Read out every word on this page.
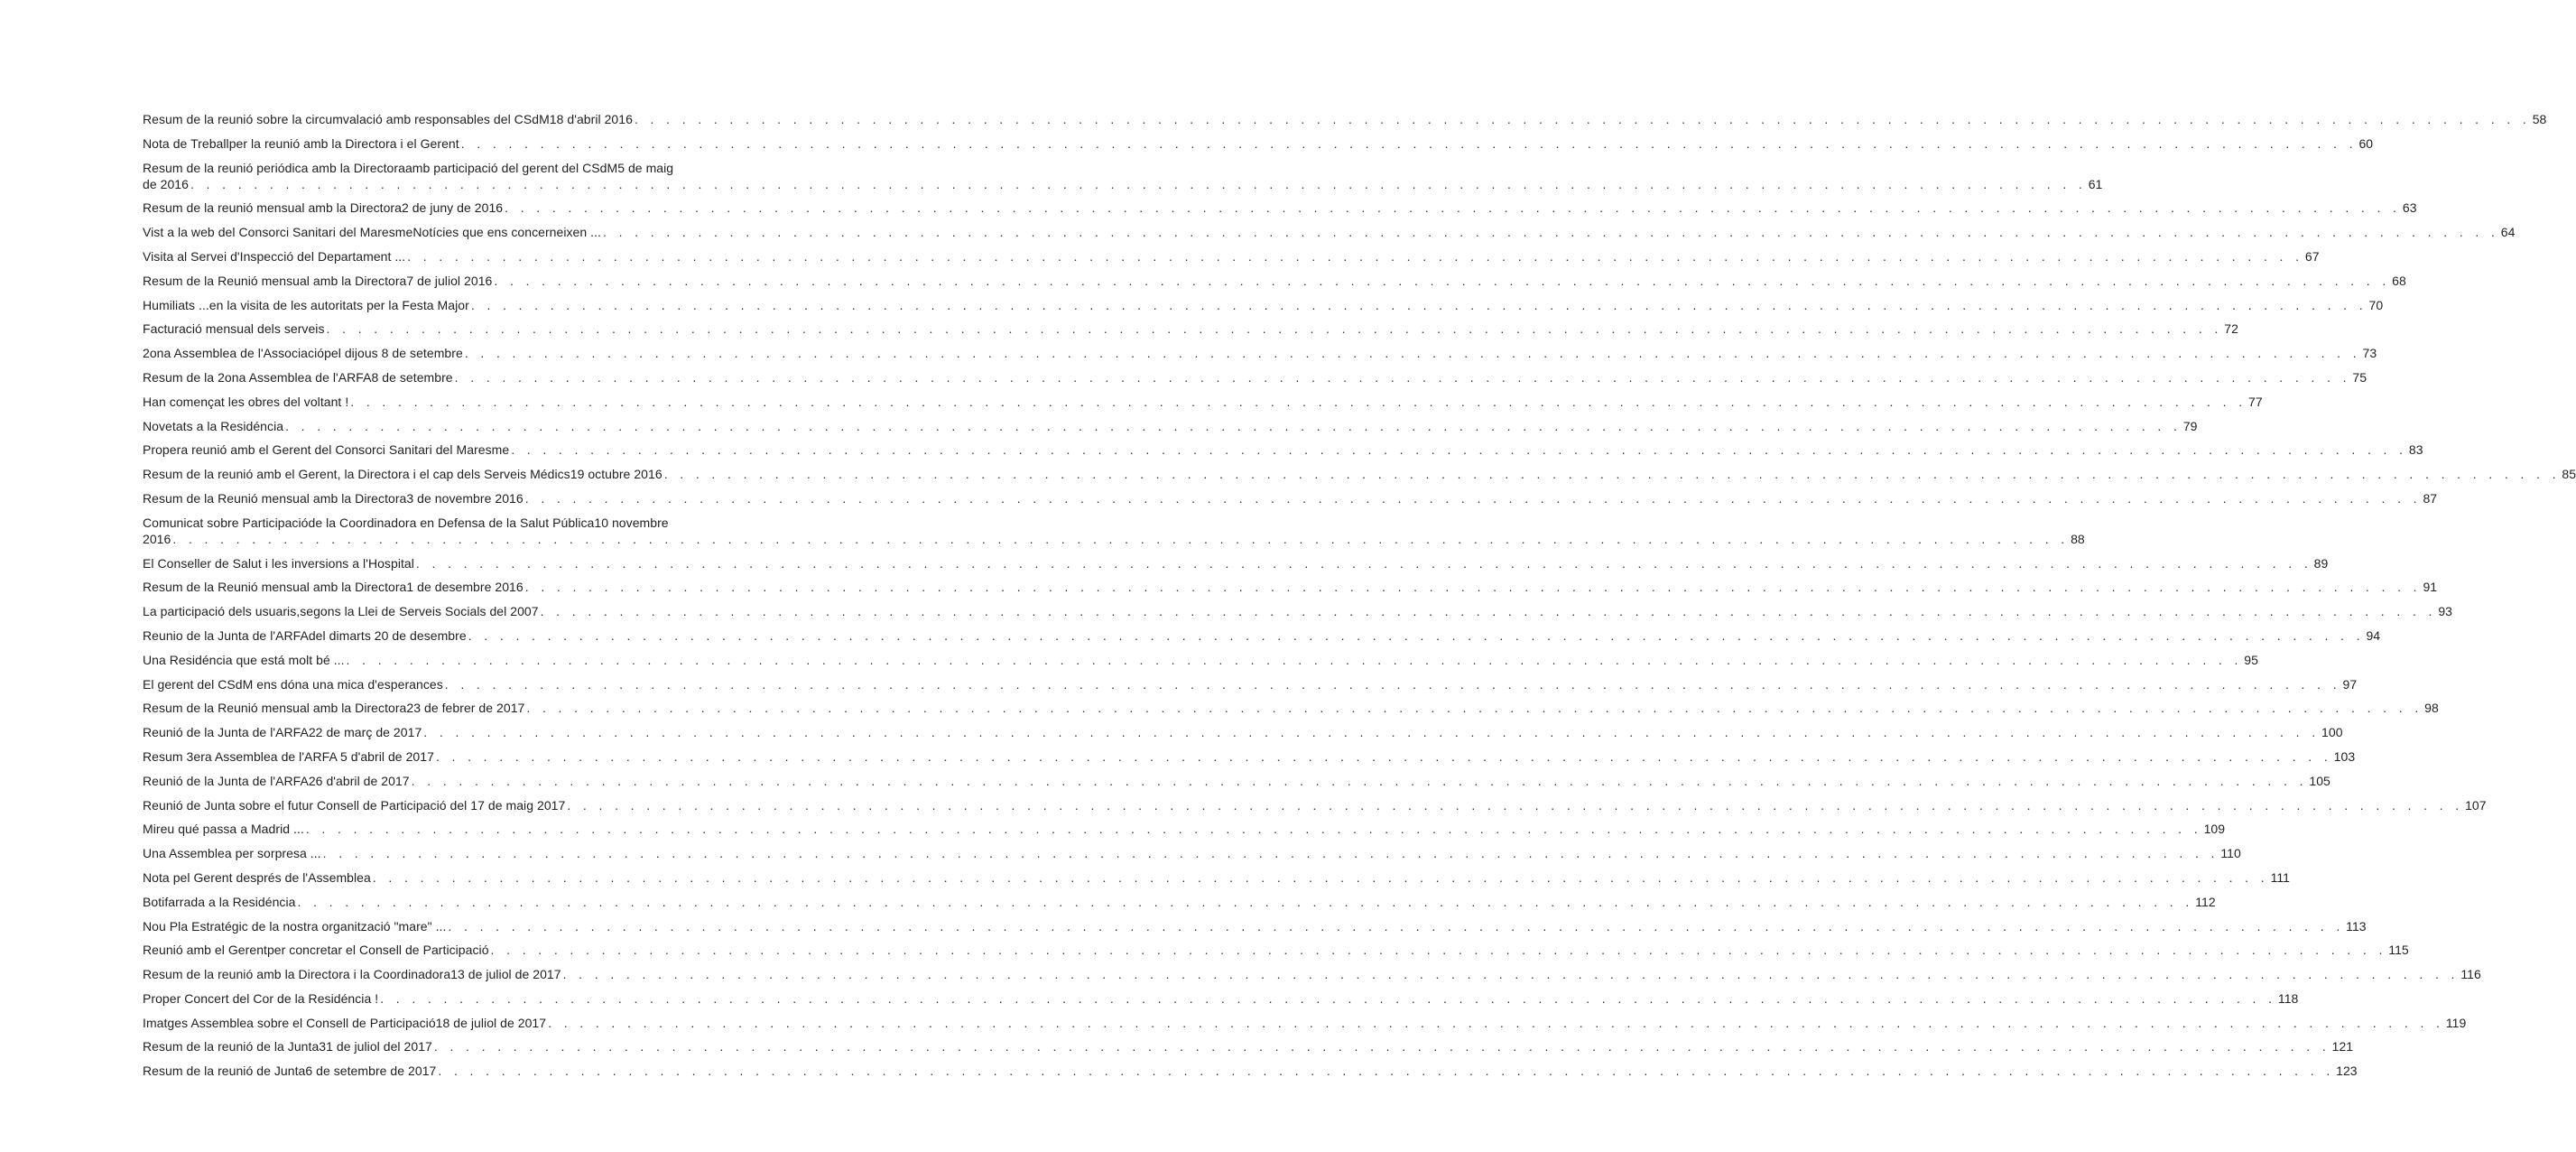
Resum de la reunió sobre la circumvalació amb responsables del CSdM18 d'abril 2016 . . . . . . . . . . . . . . . . . . . . . . . . . . . . . . . . . . . . . . . . . . . . . . . . . . . . . . . . . . . . . . . . . . . . . . . . . . . . . . . . . . . . . . . . . . . . . . . . . . . . . . . . . . . . . . . . . . . . . . . . 58
Nota de Treballper la reunió amb la Directora i el Gerent . . . . . . . . . . . . . . . . . . . . . . . . . . . . . . . . . . . . . . . . . . . . . . . . . . . . . . . . . . . . . . . . . . . . . . . . . . . . . . . . . . . . . . . . . . . . . . . . . . . . . . . . . . . . . . . . . . . . . . . . 60
Resum de la reunió periódica amb la Directoraamb participació del gerent del CSdM5 de maig
de 2016 . . . . . . . . . . . . . . . . . . . . . . . . . . . . . . . . . . . . . . . . . . . . . . . . . . . . . . . . . . . . . . . . . . . . . . . . . . . . . . . . . . . . . . . . . . . . . . . . . . . . . . . . . . . . . . . . . . . . . . . . 61
Resum de la reunió mensual amb la Directora2 de juny de 2016 . . . . . . . . . . . . . . . . . . . . . . . . . . . . . . . . . . . . . . . . . . . . . . . . . . . . . . . . . . . . . . . . . . . . . . . . . . . . . . . . . . . . . . . . . . . . . . . . . . . . . . . . . . . . . . . . . . . . . . . . 63
Vist a la web del Consorci Sanitari del MaresmeNotícies que ens concerneixen ... . . . . . . . . . . . . . . . . . . . . . . . . . . . . . . . . . . . . . . . . . . . . . . . . . . . . . . . . . . . . . . . . . . . . . . . . . . . . . . . . . . . . . . . . . . . . . . . . . . . . . . . . . . . . . . . . . . . . . . . . 64
Visita al Servei d'Inspecció del Departament ... . . . . . . . . . . . . . . . . . . . . . . . . . . . . . . . . . . . . . . . . . . . . . . . . . . . . . . . . . . . . . . . . . . . . . . . . . . . . . . . . . . . . . . . . . . . . . . . . . . . . . . . . . . . . . . . . . . . . . . . . 67
Resum de la Reunió mensual amb la Directora7 de juliol 2016 . . . . . . . . . . . . . . . . . . . . . . . . . . . . . . . . . . . . . . . . . . . . . . . . . . . . . . . . . . . . . . . . . . . . . . . . . . . . . . . . . . . . . . . . . . . . . . . . . . . . . . . . . . . . . . . . . . . . . . . . 68
Humiliats ...en la visita de les autoritats per la Festa Major . . . . . . . . . . . . . . . . . . . . . . . . . . . . . . . . . . . . . . . . . . . . . . . . . . . . . . . . . . . . . . . . . . . . . . . . . . . . . . . . . . . . . . . . . . . . . . . . . . . . . . . . . . . . . . . . . . . . . . . . 70
Facturació mensual dels serveis . . . . . . . . . . . . . . . . . . . . . . . . . . . . . . . . . . . . . . . . . . . . . . . . . . . . . . . . . . . . . . . . . . . . . . . . . . . . . . . . . . . . . . . . . . . . . . . . . . . . . . . . . . . . . . . . . . . . . . . . 72
2ona Assemblea de l'Associaciópel dijous 8 de setembre . . . . . . . . . . . . . . . . . . . . . . . . . . . . . . . . . . . . . . . . . . . . . . . . . . . . . . . . . . . . . . . . . . . . . . . . . . . . . . . . . . . . . . . . . . . . . . . . . . . . . . . . . . . . . . . . . . . . . . . . 73
Resum de la 2ona Assemblea de l'ARFA8 de setembre . . . . . . . . . . . . . . . . . . . . . . . . . . . . . . . . . . . . . . . . . . . . . . . . . . . . . . . . . . . . . . . . . . . . . . . . . . . . . . . . . . . . . . . . . . . . . . . . . . . . . . . . . . . . . . . . . . . . . . . . 75
Han començat les obres del voltant ! . . . . . . . . . . . . . . . . . . . . . . . . . . . . . . . . . . . . . . . . . . . . . . . . . . . . . . . . . . . . . . . . . . . . . . . . . . . . . . . . . . . . . . . . . . . . . . . . . . . . . . . . . . . . . . . . . . . . . . . . 77
Novetats a la Residéncia . . . . . . . . . . . . . . . . . . . . . . . . . . . . . . . . . . . . . . . . . . . . . . . . . . . . . . . . . . . . . . . . . . . . . . . . . . . . . . . . . . . . . . . . . . . . . . . . . . . . . . . . . . . . . . . . . . . . . . . . 79
Propera reunió amb el Gerent del Consorci Sanitari del Maresme . . . . . . . . . . . . . . . . . . . . . . . . . . . . . . . . . . . . . . . . . . . . . . . . . . . . . . . . . . . . . . . . . . . . . . . . . . . . . . . . . . . . . . . . . . . . . . . . . . . . . . . . . . . . . . . . . . . . . . . . 83
Resum de la reunió amb el Gerent, la Directora i el cap dels Serveis Médics19 octubre 2016 . . . . . . . . . . . . . . . . . . . . . . . . . . . . . . . . . . . . . . . . . . . . . . . . . . . . . . . . . . . . . . . . . . . . . . . . . . . . . . . . . . . . . . . . . . . . . . . . . . . . . . . . . . . . . . . . . . . . . . . . 85
Resum de la Reunió mensual amb la Directora3 de novembre 2016 . . . . . . . . . . . . . . . . . . . . . . . . . . . . . . . . . . . . . . . . . . . . . . . . . . . . . . . . . . . . . . . . . . . . . . . . . . . . . . . . . . . . . . . . . . . . . . . . . . . . . . . . . . . . . . . . . . . . . . . . 87
Comunicat sobre Participacióde la Coordinadora en Defensa de la Salut Pública10 novembre
2016 . . . . . . . . . . . . . . . . . . . . . . . . . . . . . . . . . . . . . . . . . . . . . . . . . . . . . . . . . . . . . . . . . . . . . . . . . . . . . . . . . . . . . . . . . . . . . . . . . . . . . . . . . . . . . . . . . . . . . . . . 88
El Conseller de Salut i les inversions a l'Hospital . . . . . . . . . . . . . . . . . . . . . . . . . . . . . . . . . . . . . . . . . . . . . . . . . . . . . . . . . . . . . . . . . . . . . . . . . . . . . . . . . . . . . . . . . . . . . . . . . . . . . . . . . . . . . . . . . . . . . . . . 89
Resum de la Reunió mensual amb la Directora1 de desembre 2016 . . . . . . . . . . . . . . . . . . . . . . . . . . . . . . . . . . . . . . . . . . . . . . . . . . . . . . . . . . . . . . . . . . . . . . . . . . . . . . . . . . . . . . . . . . . . . . . . . . . . . . . . . . . . . . . . . . . . . . . . 91
La participació dels usuaris,segons la Llei de Serveis Socials del 2007 . . . . . . . . . . . . . . . . . . . . . . . . . . . . . . . . . . . . . . . . . . . . . . . . . . . . . . . . . . . . . . . . . . . . . . . . . . . . . . . . . . . . . . . . . . . . . . . . . . . . . . . . . . . . . . . . . . . . . . . . 93
Reunio de la Junta de l'ARFAdel dimarts 20 de desembre . . . . . . . . . . . . . . . . . . . . . . . . . . . . . . . . . . . . . . . . . . . . . . . . . . . . . . . . . . . . . . . . . . . . . . . . . . . . . . . . . . . . . . . . . . . . . . . . . . . . . . . . . . . . . . . . . . . . . . . . 94
Una Residéncia que está molt bé ... . . . . . . . . . . . . . . . . . . . . . . . . . . . . . . . . . . . . . . . . . . . . . . . . . . . . . . . . . . . . . . . . . . . . . . . . . . . . . . . . . . . . . . . . . . . . . . . . . . . . . . . . . . . . . . . . . . . . . . . . 95
El gerent del CSdM ens dóna una mica d'esperances . . . . . . . . . . . . . . . . . . . . . . . . . . . . . . . . . . . . . . . . . . . . . . . . . . . . . . . . . . . . . . . . . . . . . . . . . . . . . . . . . . . . . . . . . . . . . . . . . . . . . . . . . . . . . . . . . . . . . . . . 97
Resum de la Reunió mensual amb la Directora23 de febrer de 2017 . . . . . . . . . . . . . . . . . . . . . . . . . . . . . . . . . . . . . . . . . . . . . . . . . . . . . . . . . . . . . . . . . . . . . . . . . . . . . . . . . . . . . . . . . . . . . . . . . . . . . . . . . . . . . . . . . . . . . . . . 98
Reunió de la Junta de l'ARFA22 de març de 2017 . . . . . . . . . . . . . . . . . . . . . . . . . . . . . . . . . . . . . . . . . . . . . . . . . . . . . . . . . . . . . . . . . . . . . . . . . . . . . . . . . . . . . . . . . . . . . . . . . . . . . . . . . . . . . . . . . . . . . . . . 100
Resum 3era Assemblea de l'ARFA 5 d'abril de 2017 . . . . . . . . . . . . . . . . . . . . . . . . . . . . . . . . . . . . . . . . . . . . . . . . . . . . . . . . . . . . . . . . . . . . . . . . . . . . . . . . . . . . . . . . . . . . . . . . . . . . . . . . . . . . . . . . . . . . . . . . 103
Reunió de la Junta de l'ARFA26 d'abril de 2017 . . . . . . . . . . . . . . . . . . . . . . . . . . . . . . . . . . . . . . . . . . . . . . . . . . . . . . . . . . . . . . . . . . . . . . . . . . . . . . . . . . . . . . . . . . . . . . . . . . . . . . . . . . . . . . . . . . . . . . . . 105
Reunió de Junta sobre el futur Consell de Participació del 17 de maig 2017 . . . . . . . . . . . . . . . . . . . . . . . . . . . . . . . . . . . . . . . . . . . . . . . . . . . . . . . . . . . . . . . . . . . . . . . . . . . . . . . . . . . . . . . . . . . . . . . . . . . . . . . . . . . . . . . . . . . . . . . . 107
Mireu qué passa a Madrid ... . . . . . . . . . . . . . . . . . . . . . . . . . . . . . . . . . . . . . . . . . . . . . . . . . . . . . . . . . . . . . . . . . . . . . . . . . . . . . . . . . . . . . . . . . . . . . . . . . . . . . . . . . . . . . . . . . . . . . . . . 109
Una Assemblea per sorpresa ... . . . . . . . . . . . . . . . . . . . . . . . . . . . . . . . . . . . . . . . . . . . . . . . . . . . . . . . . . . . . . . . . . . . . . . . . . . . . . . . . . . . . . . . . . . . . . . . . . . . . . . . . . . . . . . . . . . . . . . . . 110
Nota pel Gerent després de l'Assemblea . . . . . . . . . . . . . . . . . . . . . . . . . . . . . . . . . . . . . . . . . . . . . . . . . . . . . . . . . . . . . . . . . . . . . . . . . . . . . . . . . . . . . . . . . . . . . . . . . . . . . . . . . . . . . . . . . . . . . . . . 111
Botifarrada a la Residéncia . . . . . . . . . . . . . . . . . . . . . . . . . . . . . . . . . . . . . . . . . . . . . . . . . . . . . . . . . . . . . . . . . . . . . . . . . . . . . . . . . . . . . . . . . . . . . . . . . . . . . . . . . . . . . . . . . . . . . . . . 112
Nou Pla Estratégic de la nostra organització "mare" ... . . . . . . . . . . . . . . . . . . . . . . . . . . . . . . . . . . . . . . . . . . . . . . . . . . . . . . . . . . . . . . . . . . . . . . . . . . . . . . . . . . . . . . . . . . . . . . . . . . . . . . . . . . . . . . . . . . . . . . . . 113
Reunió amb el Gerentper concretar el Consell de Participació . . . . . . . . . . . . . . . . . . . . . . . . . . . . . . . . . . . . . . . . . . . . . . . . . . . . . . . . . . . . . . . . . . . . . . . . . . . . . . . . . . . . . . . . . . . . . . . . . . . . . . . . . . . . . . . . . . . . . . . . 115
Resum de la reunió amb la Directora i la Coordinadora13 de juliol de 2017 . . . . . . . . . . . . . . . . . . . . . . . . . . . . . . . . . . . . . . . . . . . . . . . . . . . . . . . . . . . . . . . . . . . . . . . . . . . . . . . . . . . . . . . . . . . . . . . . . . . . . . . . . . . . . . . . . . . . . . . . 116
Proper Concert del Cor de la Residéncia ! . . . . . . . . . . . . . . . . . . . . . . . . . . . . . . . . . . . . . . . . . . . . . . . . . . . . . . . . . . . . . . . . . . . . . . . . . . . . . . . . . . . . . . . . . . . . . . . . . . . . . . . . . . . . . . . . . . . . . . . . 118
Imatges Assemblea sobre el Consell de Participació18 de juliol de 2017 . . . . . . . . . . . . . . . . . . . . . . . . . . . . . . . . . . . . . . . . . . . . . . . . . . . . . . . . . . . . . . . . . . . . . . . . . . . . . . . . . . . . . . . . . . . . . . . . . . . . . . . . . . . . . . . . . . . . . . . . 119
Resum de la reunió de la Junta31 de juliol del 2017 . . . . . . . . . . . . . . . . . . . . . . . . . . . . . . . . . . . . . . . . . . . . . . . . . . . . . . . . . . . . . . . . . . . . . . . . . . . . . . . . . . . . . . . . . . . . . . . . . . . . . . . . . . . . . . . . . . . . . . . . 121
Resum de la reunió de Junta6 de setembre de 2017 . . . . . . . . . . . . . . . . . . . . . . . . . . . . . . . . . . . . . . . . . . . . . . . . . . . . . . . . . . . . . . . . . . . . . . . . . . . . . . . . . . . . . . . . . . . . . . . . . . . . . . . . . . . . . . . . . . . . . . . . 123
